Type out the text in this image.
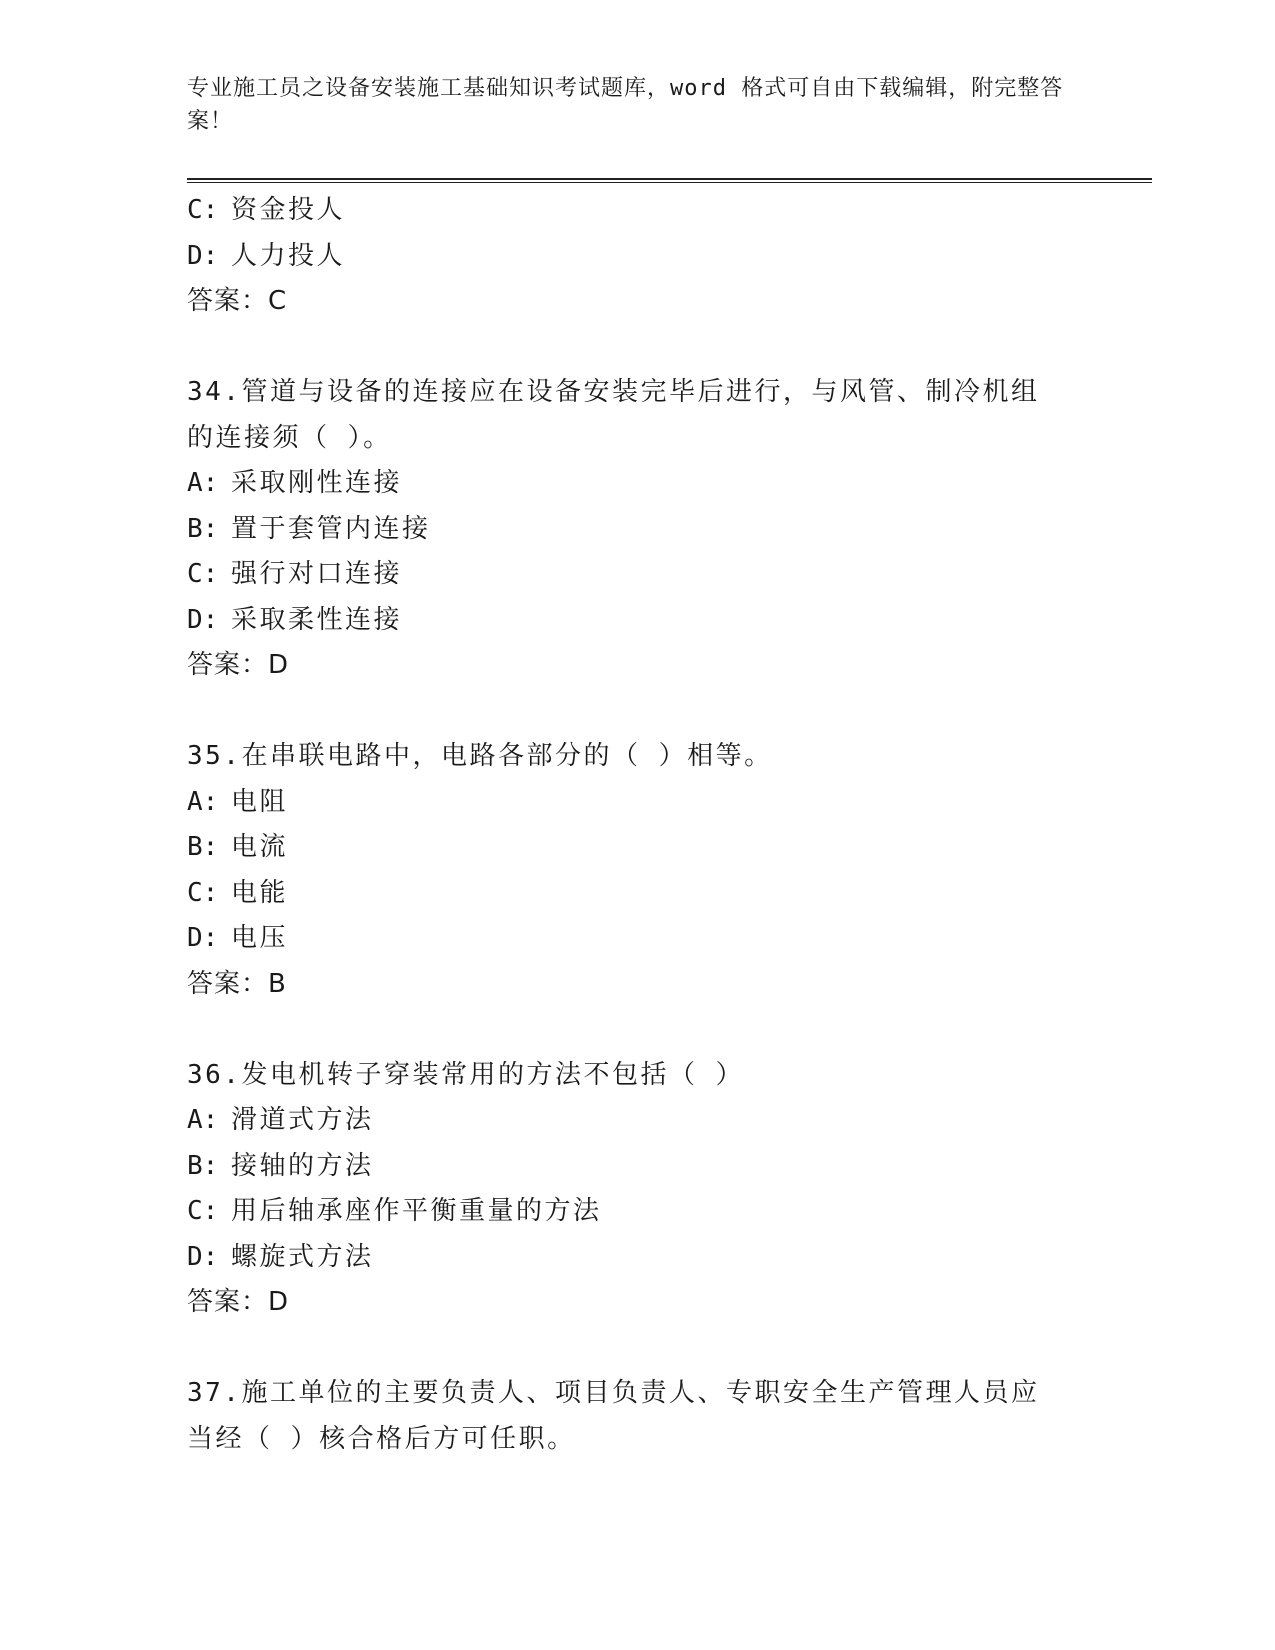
专业施工员之设备安装施工基础知识考试题库，word 格式可自由下载编辑，附完整答案！
C: 资金投人
D: 人力投人
答案：C
34.管道与设备的连接应在设备安装完毕后进行，与风管、制冷机组的连接须（ ）。
A: 采取刚性连接
B: 置于套管内连接
C: 强行对口连接
D: 采取柔性连接
答案：D
35.在串联电路中，电路各部分的（ ）相等。
A: 电阻
B: 电流
C: 电能
D: 电压
答案：B
36.发电机转子穿装常用的方法不包括（ ）
A: 滑道式方法
B: 接轴的方法
C: 用后轴承座作平衡重量的方法
D: 螺旋式方法
答案：D
37.施工单位的主要负责人、项目负责人、专职安全生产管理人员应当经（ ）核合格后方可任职。
